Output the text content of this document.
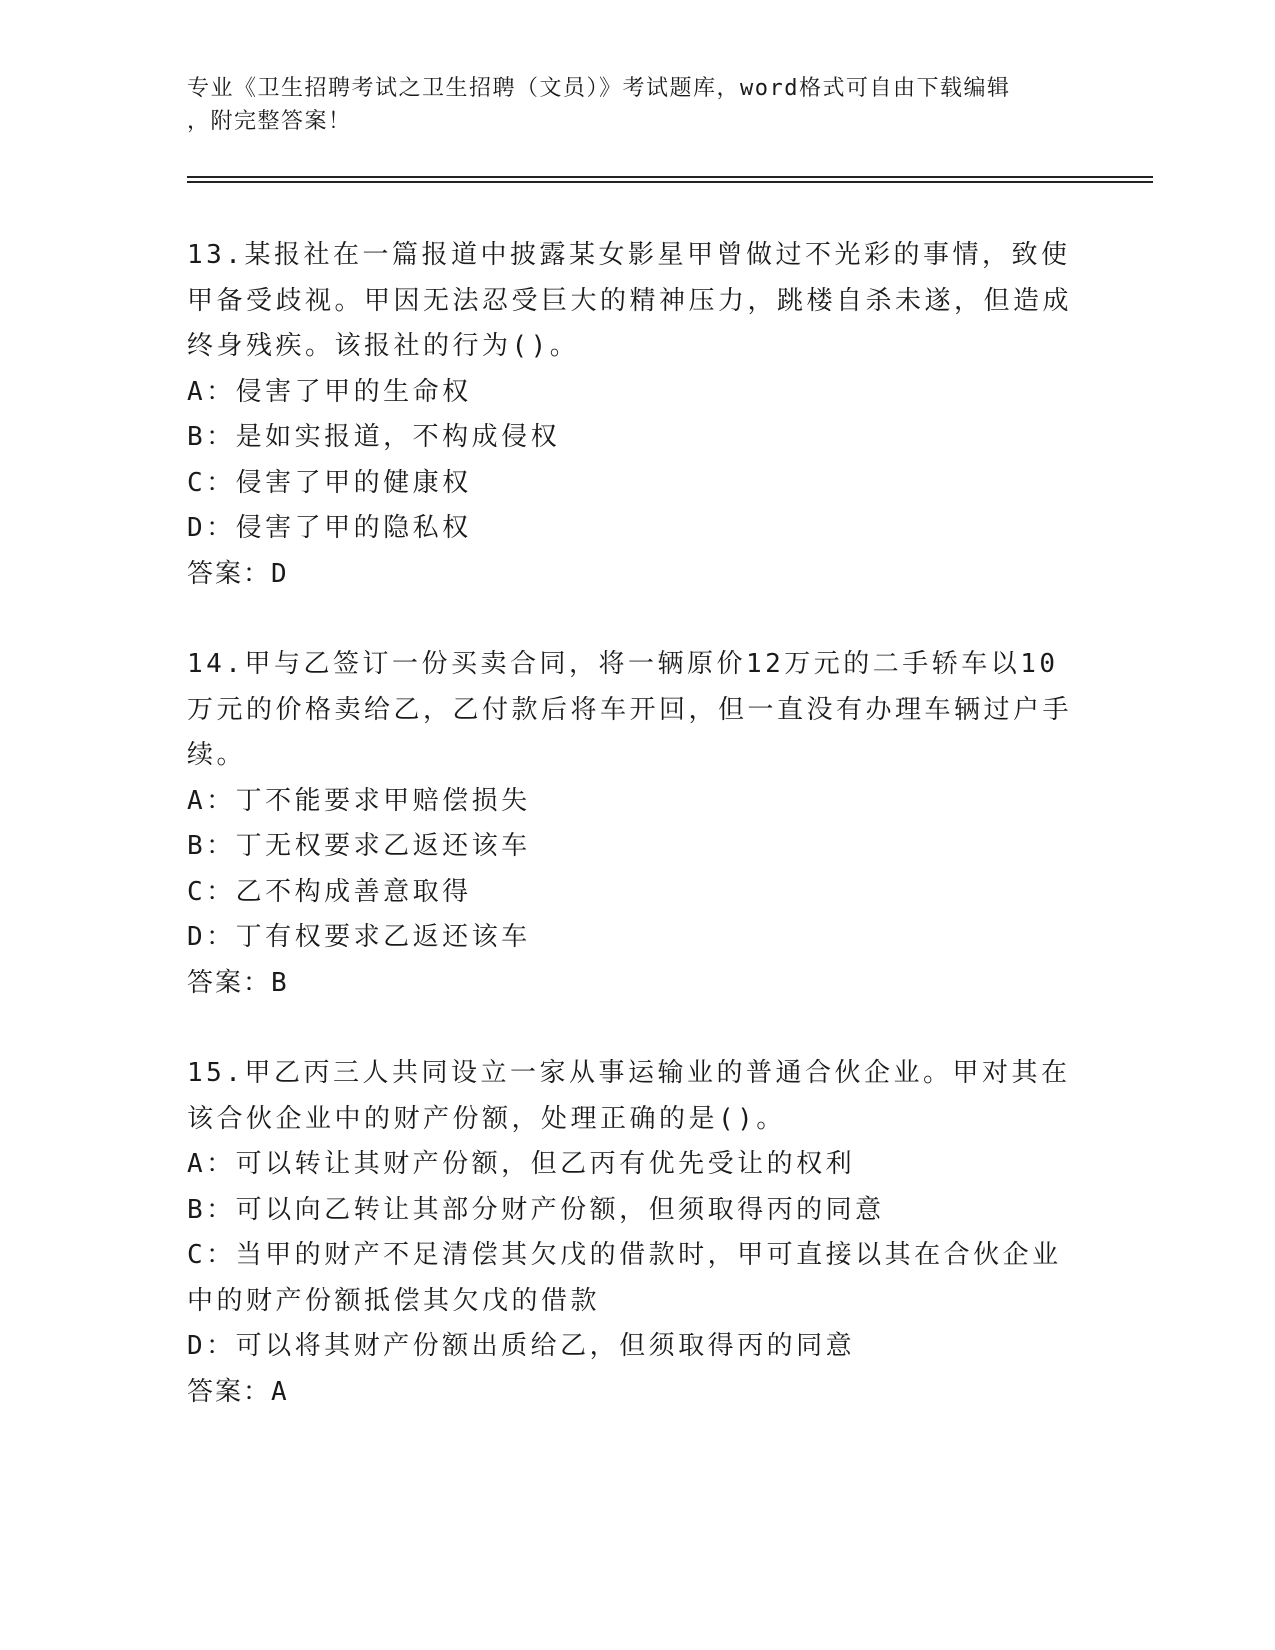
专业《卫生招聘考试之卫生招聘（文员）》考试题库，word格式可自由下载编辑
，附完整答案！

13.某报社在一篇报道中披露某女影星甲曾做过不光彩的事情，致使甲备受歧视。甲因无法忍受巨大的精神压力，跳楼自杀未遂，但造成终身残疾。该报社的行为()。

A：侵害了甲的生命权

B：是如实报道，不构成侵权

C：侵害了甲的健康权

D：侵害了甲的隐私权

答案：D

14.甲与乙签订一份买卖合同，将一辆原价12万元的二手轿车以10万元的价格卖给乙，乙付款后将车开回，但一直没有办理车辆过户手续。

A：丁不能要求甲赔偿损失

B：丁无权要求乙返还该车

C：乙不构成善意取得

D：丁有权要求乙返还该车

答案：B

15.甲乙丙三人共同设立一家从事运输业的普通合伙企业。甲对其在该合伙企业中的财产份额，处理正确的是()。

A：可以转让其财产份额，但乙丙有优先受让的权利

B：可以向乙转让其部分财产份额，但须取得丙的同意

C：当甲的财产不足清偿其欠戊的借款时，甲可直接以其在合伙企业中的财产份额抵偿其欠戊的借款

D：可以将其财产份额出质给乙，但须取得丙的同意

答案：A
